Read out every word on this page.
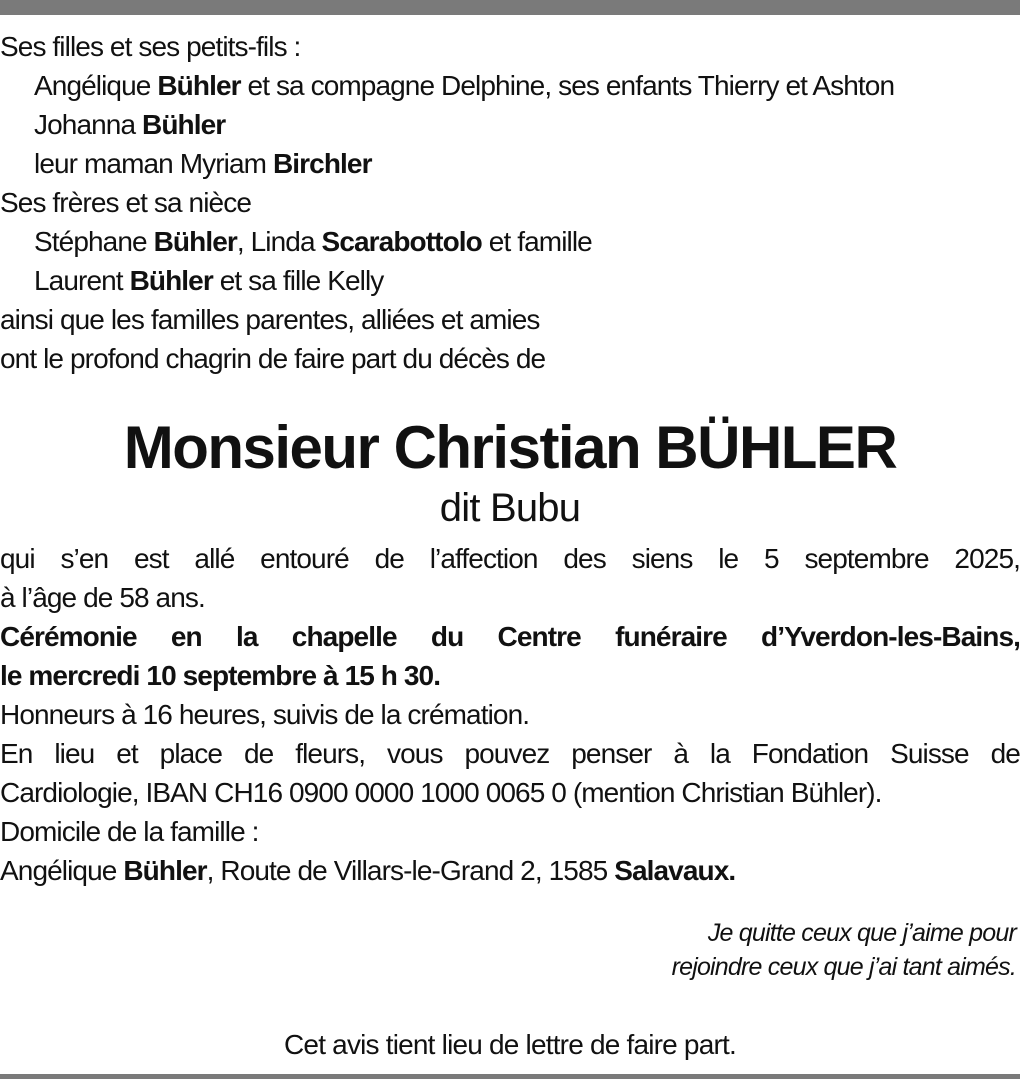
Ses filles et ses petits-fils :
Angélique Bühler et sa compagne Delphine, ses enfants Thierry et Ashton
Johanna Bühler
leur maman Myriam Birchler
Ses frères et sa nièce
Stéphane Bühler, Linda Scarabottolo et famille
Laurent Bühler et sa fille Kelly
ainsi que les familles parentes, alliées et amies
ont le profond chagrin de faire part du décès de
Monsieur Christian BÜHLER
dit Bubu
qui s’en est allé entouré de l’affection des siens le 5 septembre 2025,
à l’âge de 58 ans.
Cérémonie en la chapelle du Centre funéraire d’Yverdon-les-Bains,
le mercredi 10 septembre à 15 h 30.
Honneurs à 16 heures, suivis de la crémation.
En lieu et place de fleurs, vous pouvez penser à la Fondation Suisse de
Cardiologie, IBAN CH16 0900 0000 1000 0065 0 (mention Christian Bühler).
Domicile de la famille :
Angélique Bühler, Route de Villars-le-Grand 2, 1585 Salavaux.
Je quitte ceux que j’aime pour
rejoindre ceux que j’ai tant aimés.
Cet avis tient lieu de lettre de faire part.
